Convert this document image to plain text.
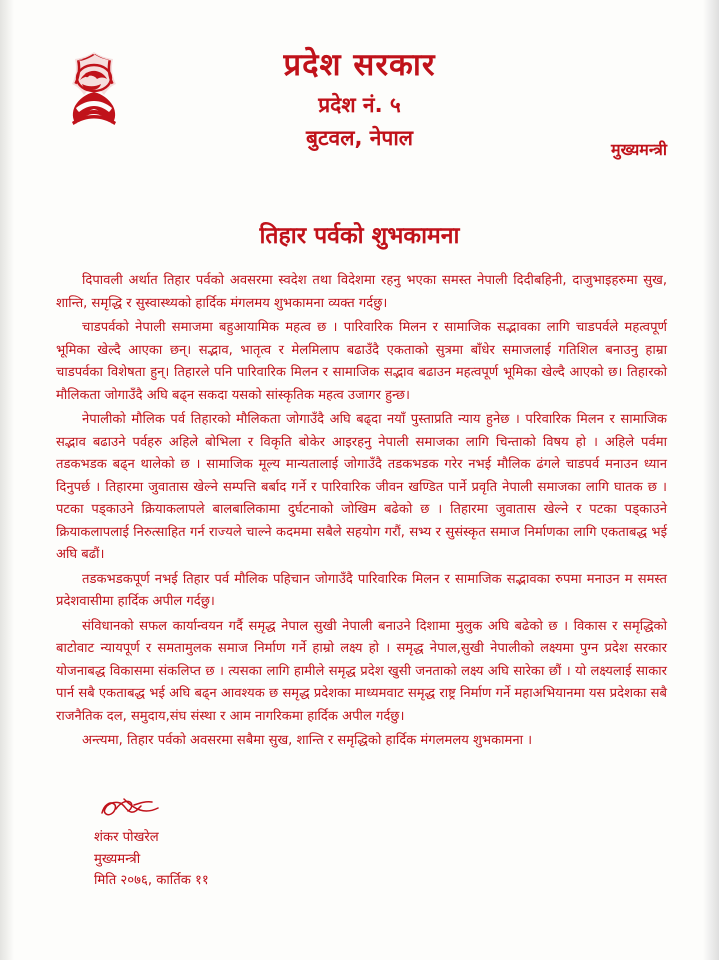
प्रदेश सरकार
प्रदेश नं. ५
बुटवल, नेपाल	मुख्यमन्त्री
तिहार पर्वको शुभकामना

दिपावली अर्थात तिहार पर्वको अवसरमा स्वदेश तथा विदेशमा रहनु भएका समस्त नेपाली दिदीबहिनी, दाजुभाइहरुमा सुख, शान्ति, समृद्धि र सुस्वास्थ्यको हार्दिक मंगलमय शुभकामना व्यक्त गर्दछु।

चाडपर्वको नेपाली समाजमा बहुआयामिक महत्व छ । पारिवारिक मिलन र सामाजिक सद्भावका लागि चाडपर्वले महत्वपूर्ण भूमिका खेल्दै आएका छन्। सद्भाव, भातृत्व र मेलमिलाप बढाउँदै एकताको सुत्रमा बाँधेर समाजलाई गतिशिल बनाउनु हाम्रा चाडपर्वका विशेषता हुन्। तिहारले पनि पारिवारिक मिलन र सामाजिक सद्भाव बढाउन महत्वपूर्ण भूमिका खेल्दै आएको छ। तिहारको मौलिकता जोगाउँदै अघि बढ्न सकदा यसको सांस्कृतिक महत्व उजागर हुन्छ।

नेपालीको मौलिक पर्व तिहारको मौलिकता जोगाउँदै अघि बढ्दा नयाँ पुस्ताप्रति न्याय हुनेछ । परिवारिक मिलन र सामाजिक सद्भाव बढाउने पर्वहरु अहिले बोभिला र विकृति बोकेर आइरहनु नेपाली समाजका लागि चिन्ताको विषय हो । अहिले पर्वमा तडकभडक बढ्न थालेको छ । सामाजिक मूल्य मान्यतालाई जोगाउँदै तडकभडक गरेर नभई मौलिक ढंगले चाडपर्व मनाउन ध्यान दिनुपर्छ । तिहारमा जुवातास खेल्ने सम्पत्ति बर्बाद गर्ने र पारिवारिक जीवन खण्डित पार्ने प्रवृति नेपाली समाजका लागि घातक छ । पटका पड्काउने क्रियाकलापले बालबालिकामा दुर्घटनाको जोखिम बढेको छ । तिहारमा जुवातास खेल्ने र पटका पड्काउने क्रियाकलापलाई निरुत्साहित गर्न राज्यले चाल्ने कदममा सबैले सहयोग गरौं, सभ्य र सुसंस्कृत समाज निर्माणका लागि एकताबद्ध भई अघि बढौं।

तडकभडकपूर्ण नभई तिहार पर्व मौलिक पहिचान जोगाउँदै पारिवारिक मिलन र सामाजिक सद्भावका रुपमा मनाउन म समस्त प्रदेशवासीमा हार्दिक अपील गर्दछु।

संविधानको सफल कार्यान्वयन गर्दै समृद्ध नेपाल सुखी नेपाली बनाउने दिशामा मुलुक अघि बढेको छ । विकास र समृद्धिको बाटोवाट न्यायपूर्ण र समतामुलक समाज निर्माण गर्ने हाम्रो लक्ष्य हो । समृद्ध नेपाल,सुखी नेपालीको लक्ष्यमा पुग्न प्रदेश सरकार योजनाबद्ध विकासमा संकलिप्त छ । त्यसका लागि हामीले समृद्ध प्रदेश खुसी जनताको लक्ष्य अघि सारेका छौं । यो लक्ष्यलाई साकार पार्न सबै एकताबद्ध भई अघि बढ्न आवश्यक छ समृद्ध प्रदेशका माध्यमवाट समृद्ध राष्ट्र निर्माण गर्ने महाअभियानमा यस प्रदेशका सबै राजनैतिक दल, समुदाय,संघ संस्था र आम नागरिकमा हार्दिक अपील गर्दछु।

अन्त्यमा, तिहार पर्वको अवसरमा सबैमा सुख, शान्ति र समृद्धिको हार्दिक मंगलमलय शुभकामना ।

शंकर पोखरेल
मुख्यमन्त्री
मिति २०७६, कार्तिक ११
